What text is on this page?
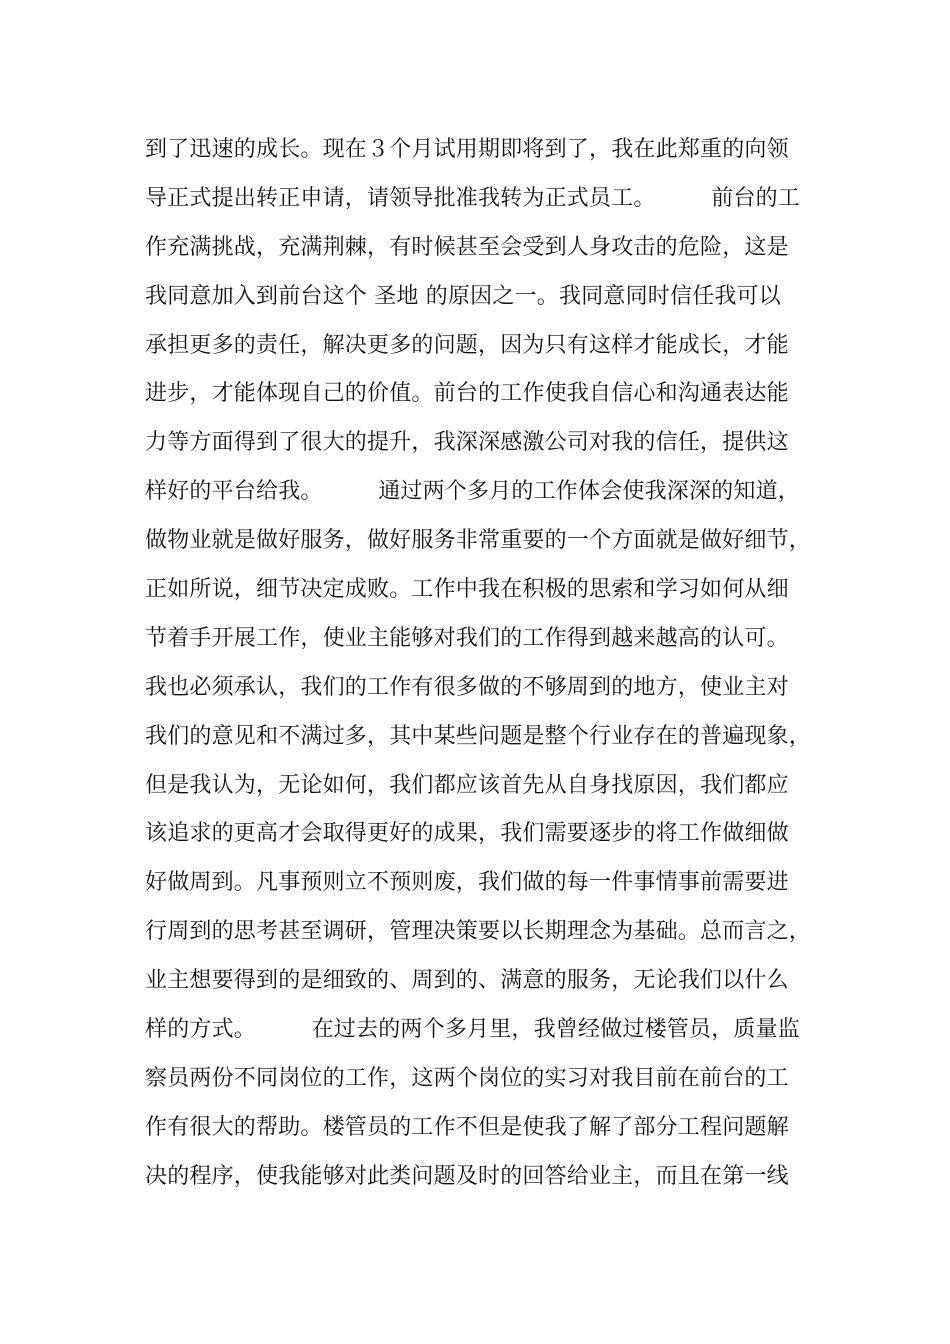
到了迅速的成长。现在３个月试用期即将到了，我在此郑重的向领
导正式提出转正申请，请领导批准我转为正式员工。　　　前台的工
作充满挑战，充满荆棘，有时候甚至会受到人身攻击的危险，这是
我同意加入到前台这个 圣地 的原因之一。我同意同时信任我可以
承担更多的责任，解决更多的问题，因为只有这样才能成长，才能
进步，才能体现自己的价值。前台的工作使我自信心和沟通表达能
力等方面得到了很大的提升，我深深感激公司对我的信任，提供这
样好的平台给我。　　　通过两个多月的工作体会使我深深的知道，
做物业就是做好服务，做好服务非常重要的一个方面就是做好细节，
正如所说，细节决定成败。工作中我在积极的思索和学习如何从细
节着手开展工作，使业主能够对我们的工作得到越来越高的认可。
我也必须承认，我们的工作有很多做的不够周到的地方，使业主对
我们的意见和不满过多，其中某些问题是整个行业存在的普遍现象，
但是我认为，无论如何，我们都应该首先从自身找原因，我们都应
该追求的更高才会取得更好的成果，我们需要逐步的将工作做细做
好做周到。凡事预则立不预则废，我们做的每一件事情事前需要进
行周到的思考甚至调研，管理决策要以长期理念为基础。总而言之，
业主想要得到的是细致的、周到的、满意的服务，无论我们以什么
样的方式。　　　在过去的两个多月里，我曾经做过楼管员，质量监
察员两份不同岗位的工作，这两个岗位的实习对我目前在前台的工
作有很大的帮助。楼管员的工作不但是使我了解了部分工程问题解
决的程序，使我能够对此类问题及时的回答给业主，而且在第一线
